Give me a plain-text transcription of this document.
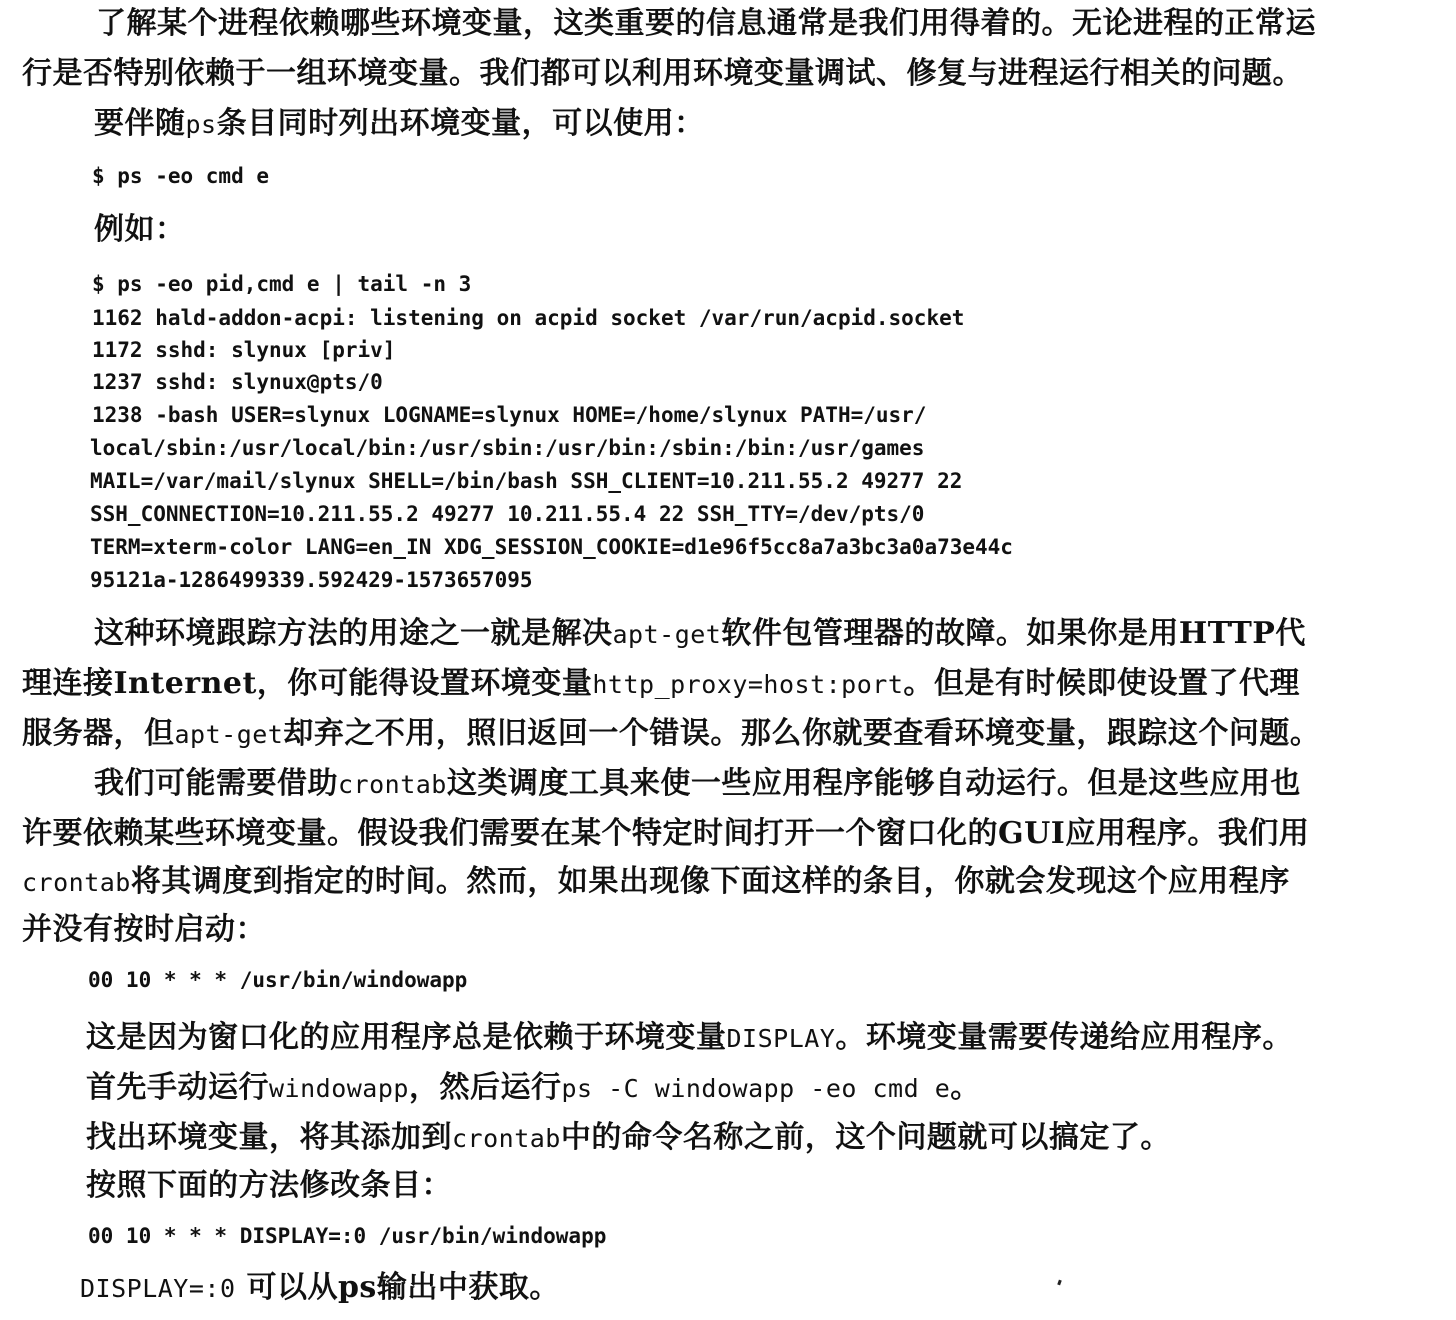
了解某个进程依赖哪些环境变量，这类重要的信息通常是我们用得着的。无论进程的正常运
行是否特别依赖于一组环境变量。我们都可以利用环境变量调试、修复与进程运行相关的问题。
要伴随ps条目同时列出环境变量，可以使用：
$ ps -eo cmd e
例如：
$ ps -eo pid,cmd e | tail -n 3
1162 hald-addon-acpi: listening on acpid socket /var/run/acpid.socket
1172 sshd: slynux [priv]
1237 sshd: slynux@pts/0
1238 -bash USER=slynux LOGNAME=slynux HOME=/home/slynux PATH=/usr/
local/sbin:/usr/local/bin:/usr/sbin:/usr/bin:/sbin:/bin:/usr/games
MAIL=/var/mail/slynux SHELL=/bin/bash SSH_CLIENT=10.211.55.2 49277 22
SSH_CONNECTION=10.211.55.2 49277 10.211.55.4 22 SSH_TTY=/dev/pts/0
TERM=xterm-color LANG=en_IN XDG_SESSION_COOKIE=d1e96f5cc8a7a3bc3a0a73e44c
95121a-1286499339.592429-1573657095
这种环境跟踪方法的用途之一就是解决apt-get软件包管理器的故障。如果你是用HTTP代
理连接Internet，你可能得设置环境变量http_proxy=host:port。但是有时候即使设置了代理
服务器，但apt-get却弃之不用，照旧返回一个错误。那么你就要查看环境变量，跟踪这个问题。
我们可能需要借助crontab这类调度工具来使一些应用程序能够自动运行。但是这些应用也
许要依赖某些环境变量。假设我们需要在某个特定时间打开一个窗口化的GUI应用程序。我们用
crontab将其调度到指定的时间。然而，如果出现像下面这样的条目，你就会发现这个应用程序
并没有按时启动：
00 10 * * * /usr/bin/windowapp
这是因为窗口化的应用程序总是依赖于环境变量DISPLAY。环境变量需要传递给应用程序。
首先手动运行windowapp，然后运行ps -C windowapp -eo cmd e。
找出环境变量，将其添加到crontab中的命令名称之前，这个问题就可以搞定了。
按照下面的方法修改条目：
00 10 * * * DISPLAY=:0 /usr/bin/windowapp
DISPLAY=:0 可以从ps输出中获取。
